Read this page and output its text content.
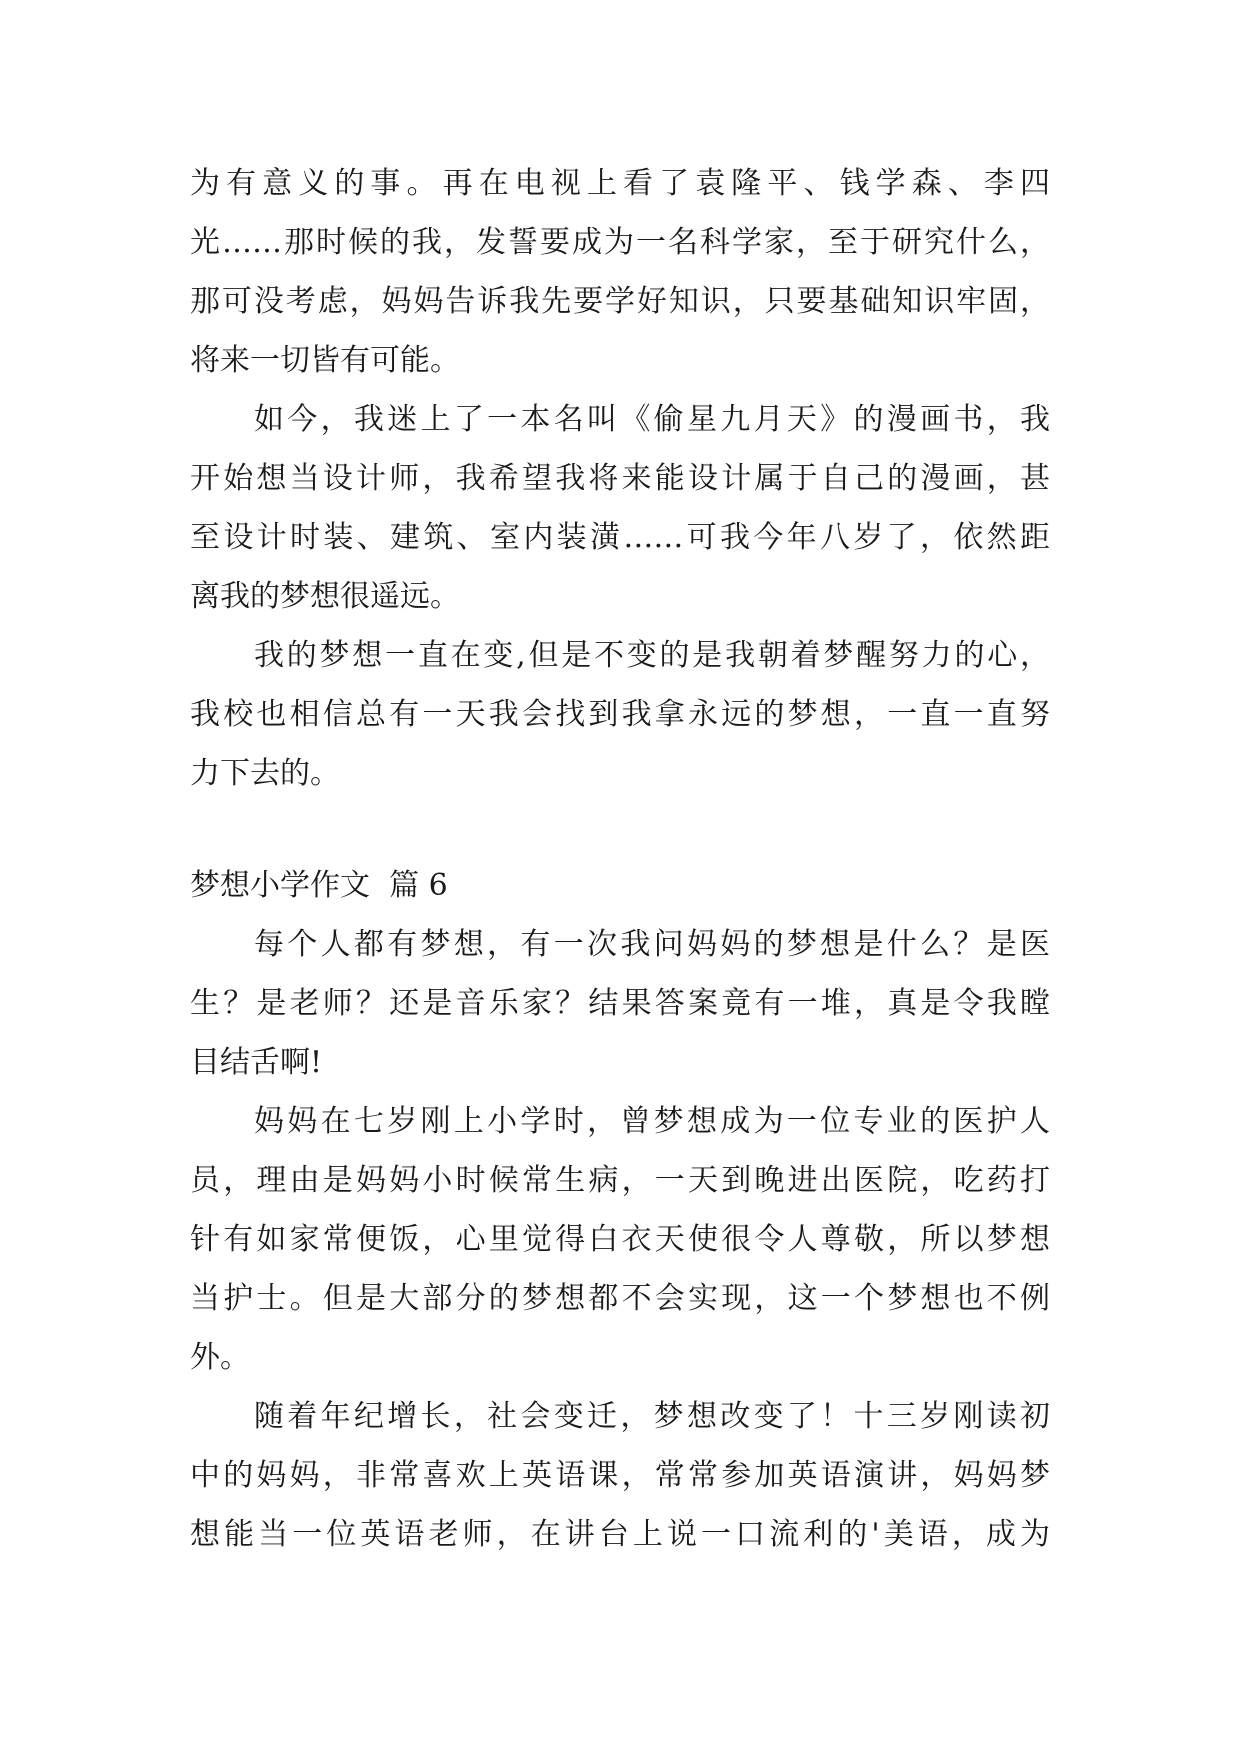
为有意义的事。再在电视上看了袁隆平、钱学森、李四
光……那时候的我，发誓要成为一名科学家，至于研究什么，
那可没考虑，妈妈告诉我先要学好知识，只要基础知识牢固，
将来一切皆有可能。
如今，我迷上了一本名叫《偷星九月天》的漫画书，我
开始想当设计师，我希望我将来能设计属于自己的漫画，甚
至设计时装、建筑、室内装潢……可我今年八岁了，依然距
离我的梦想很遥远。
我的梦想一直在变,但是不变的是我朝着梦醒努力的心，
我校也相信总有一天我会找到我拿永远的梦想，一直一直努
力下去的。
梦想小学作文  篇 6
每个人都有梦想，有一次我问妈妈的梦想是什么？是医
生？是老师？还是音乐家？结果答案竟有一堆，真是令我瞠
目结舌啊!
妈妈在七岁刚上小学时，曾梦想成为一位专业的医护人
员，理由是妈妈小时候常生病，一天到晚进出医院，吃药打
针有如家常便饭，心里觉得白衣天使很令人尊敬，所以梦想
当护士。但是大部分的梦想都不会实现，这一个梦想也不例
外。
随着年纪增长，社会变迁，梦想改变了！十三岁刚读初
中的妈妈，非常喜欢上英语课，常常参加英语演讲，妈妈梦
想能当一位英语老师，在讲台上说一口流利的'美语，成为
